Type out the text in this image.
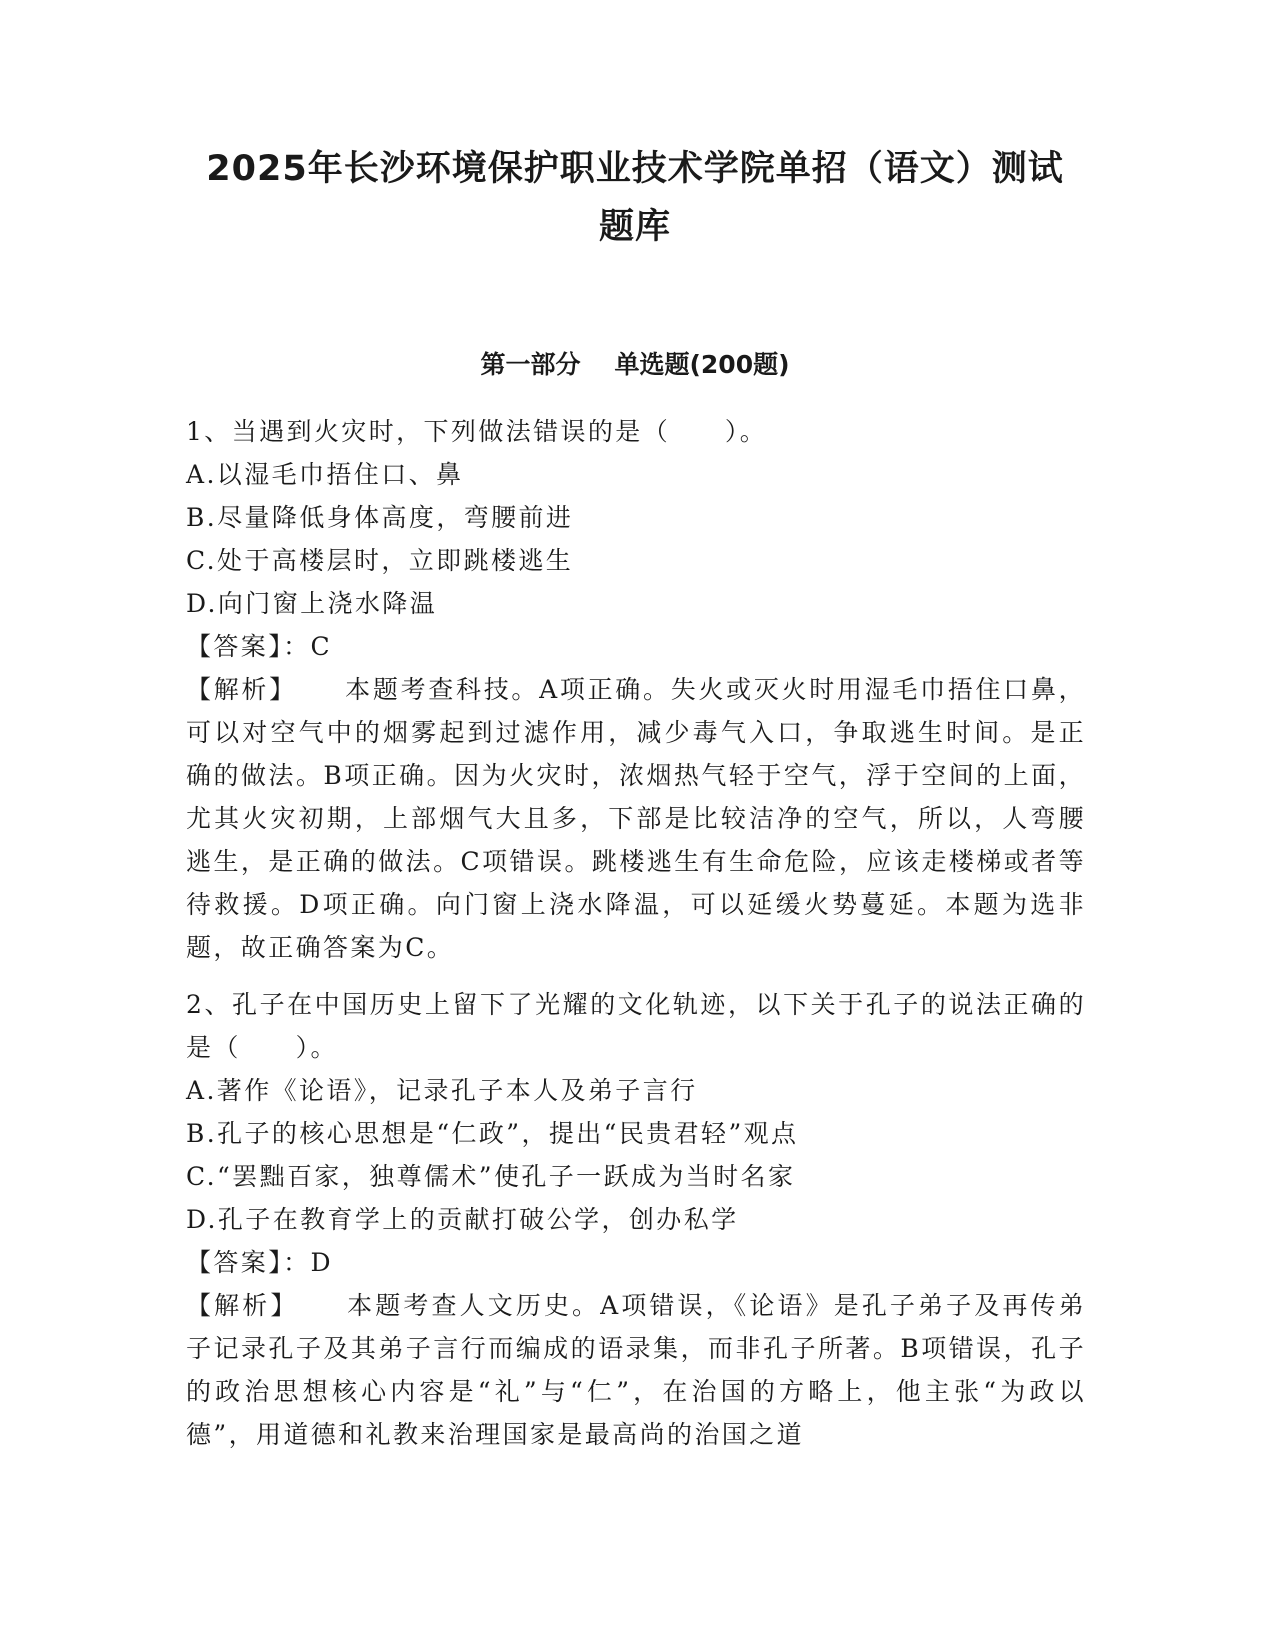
2025年长沙环境保护职业技术学院单招（语文）测试
题库
第一部分 单选题(200题)

1、当遇到火灾时，下列做法错误的是（　　）。

A.以湿毛巾捂住口、鼻

B.尽量降低身体高度，弯腰前进

C.处于高楼层时，立即跳楼逃生

D.向门窗上浇水降温

【答案】：C

【解析】 本题考查科技。A项正确。失火或灭火时用湿毛巾捂住口鼻，可以对空气中的烟雾起到过滤作用，减少毒气入口，争取逃生时间。是正确的做法。B项正确。因为火灾时，浓烟热气轻于空气，浮于空间的上面，尤其火灾初期，上部烟气大且多，下部是比较洁净的空气，所以，人弯腰逃生，是正确的做法。C项错误。跳楼逃生有生命危险，应该走楼梯或者等待救援。D项正确。向门窗上浇水降温，可以延缓火势蔓延。本题为选非题，故正确答案为C。

2、孔子在中国历史上留下了光耀的文化轨迹，以下关于孔子的说法正确的是（　　）。

A.著作《论语》，记录孔子本人及弟子言行

B.孔子的核心思想是“仁政”，提出“民贵君轻”观点

C.“罢黜百家，独尊儒术”使孔子一跃成为当时名家

D.孔子在教育学上的贡献打破公学，创办私学

【答案】：D

【解析】 本题考查人文历史。A项错误，《论语》是孔子弟子及再传弟子记录孔子及其弟子言行而编成的语录集，而非孔子所著。B项错误，孔子的政治思想核心内容是“礼”与“仁”，在治国的方略上，他主张“为政以德”，用道德和礼教来治理国家是最高尚的治国之道
